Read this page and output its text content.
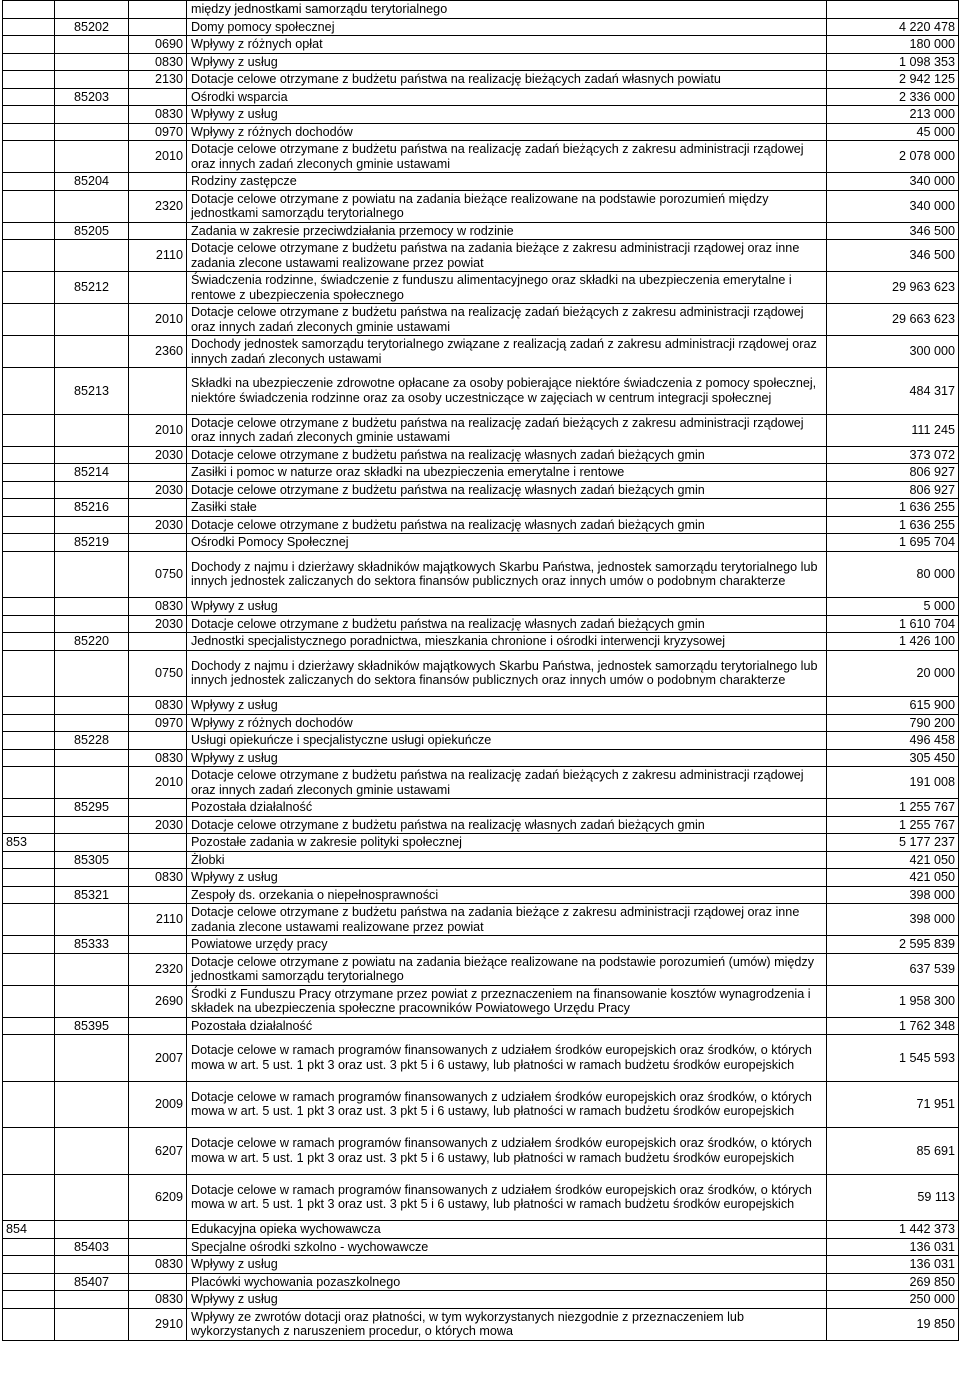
			między jednostkami samorządu terytorialnego	
	85202		Domy pomocy społecznej	4 220 478
		0690	Wpływy z różnych opłat	180 000
		0830	Wpływy z usług	1 098 353
		2130	Dotacje celowe otrzymane z budżetu państwa na realizację bieżących zadań własnych powiatu	2 942 125
	85203		Ośrodki wsparcia	2 336 000
		0830	Wpływy z usług	213 000
		0970	Wpływy z różnych dochodów	45 000
		2010	Dotacje celowe otrzymane z budżetu państwa na realizację zadań bieżących z zakresu administracji rządowej oraz innych zadań zleconych gminie ustawami	2 078 000
	85204		Rodziny zastępcze	340 000
		2320	Dotacje celowe otrzymane z powiatu na zadania bieżące realizowane na podstawie porozumień między jednostkami samorządu terytorialnego	340 000
	85205		Zadania w zakresie przeciwdziałania przemocy w rodzinie	346 500
		2110	Dotacje celowe otrzymane z budżetu państwa na zadania bieżące z zakresu administracji rządowej oraz inne zadania zlecone ustawami realizowane przez powiat	346 500
	85212		Świadczenia rodzinne, świadczenie z funduszu alimentacyjnego oraz składki na ubezpieczenia emerytalne i rentowe z ubezpieczenia społecznego	29 963 623
		2010	Dotacje celowe otrzymane z budżetu państwa na realizację zadań bieżących z zakresu administracji rządowej oraz innych zadań zleconych gminie ustawami	29 663 623
		2360	Dochody jednostek samorządu terytorialnego związane z realizacją zadań z zakresu administracji rządowej oraz innych zadań zleconych ustawami	300 000
	85213		Składki na ubezpieczenie zdrowotne opłacane za osoby pobierające niektóre świadczenia z pomocy społecznej, niektóre świadczenia rodzinne oraz za osoby uczestniczące w zajęciach w centrum integracji społecznej	484 317
		2010	Dotacje celowe otrzymane z budżetu państwa na realizację zadań bieżących z zakresu administracji rządowej oraz innych zadań zleconych gminie ustawami	111 245
		2030	Dotacje celowe otrzymane z budżetu państwa na realizację własnych zadań bieżących gmin	373 072
	85214		Zasiłki i pomoc w naturze oraz składki na ubezpieczenia emerytalne i rentowe	806 927
		2030	Dotacje celowe otrzymane z budżetu państwa na realizację własnych zadań bieżących gmin	806 927
	85216		Zasiłki stałe	1 636 255
		2030	Dotacje celowe otrzymane z budżetu państwa na realizację własnych zadań bieżących gmin	1 636 255
	85219		Ośrodki Pomocy Społecznej	1 695 704
		0750	Dochody z najmu i dzierżawy składników majątkowych Skarbu Państwa, jednostek samorządu terytorialnego lub innych jednostek zaliczanych do sektora finansów publicznych oraz innych umów o podobnym charakterze	80 000
		0830	Wpływy z usług	5 000
		2030	Dotacje celowe otrzymane z budżetu państwa na realizację własnych zadań bieżących gmin	1 610 704
	85220		Jednostki specjalistycznego poradnictwa, mieszkania chronione i ośrodki interwencji kryzysowej	1 426 100
		0750	Dochody z najmu i dzierżawy składników majątkowych Skarbu Państwa, jednostek samorządu terytorialnego lub innych jednostek zaliczanych do sektora finansów publicznych oraz innych umów o podobnym charakterze	20 000
		0830	Wpływy z usług	615 900
		0970	Wpływy z różnych dochodów	790 200
	85228		Usługi opiekuńcze i specjalistyczne usługi opiekuńcze	496 458
		0830	Wpływy z usług	305 450
		2010	Dotacje celowe otrzymane z budżetu państwa na realizację zadań bieżących z zakresu administracji rządowej oraz innych zadań zleconych gminie ustawami	191 008
	85295		Pozostała działalność	1 255 767
		2030	Dotacje celowe otrzymane z budżetu państwa na realizację własnych zadań bieżących gmin	1 255 767
853			Pozostałe zadania w zakresie polityki społecznej	5 177 237
	85305		Żłobki	421 050
		0830	Wpływy z usług	421 050
	85321		Zespoły ds. orzekania o niepełnosprawności	398 000
		2110	Dotacje celowe otrzymane z budżetu państwa na zadania bieżące z zakresu administracji rządowej oraz inne zadania zlecone ustawami realizowane przez powiat	398 000
	85333		Powiatowe urzędy pracy	2 595 839
		2320	Dotacje celowe otrzymane z powiatu na zadania bieżące realizowane na podstawie porozumień (umów) między jednostkami samorządu terytorialnego	637 539
		2690	Środki z Funduszu Pracy otrzymane przez powiat z przeznaczeniem na finansowanie kosztów wynagrodzenia i składek na ubezpieczenia społeczne pracowników Powiatowego Urzędu Pracy	1 958 300
	85395		Pozostała działalność	1 762 348
		2007	Dotacje celowe w ramach programów finansowanych z udziałem środków europejskich oraz środków, o których mowa w art. 5 ust. 1 pkt 3 oraz ust. 3 pkt 5 i 6 ustawy, lub płatności w ramach budżetu środków europejskich	1 545 593
		2009	Dotacje celowe w ramach programów finansowanych z udziałem środków europejskich oraz środków, o których mowa w art. 5 ust. 1 pkt 3 oraz ust. 3 pkt 5 i 6 ustawy, lub płatności w ramach budżetu środków europejskich	71 951
		6207	Dotacje celowe w ramach programów finansowanych z udziałem środków europejskich oraz środków, o których mowa w art. 5 ust. 1 pkt 3 oraz ust. 3 pkt 5 i 6 ustawy, lub płatności w ramach budżetu środków europejskich	85 691
		6209	Dotacje celowe w ramach programów finansowanych z udziałem środków europejskich oraz środków, o których mowa w art. 5 ust. 1 pkt 3 oraz ust. 3 pkt 5 i 6 ustawy, lub płatności w ramach budżetu środków europejskich	59 113
854			Edukacyjna opieka wychowawcza	1 442 373
	85403		Specjalne ośrodki szkolno - wychowawcze	136 031
		0830	Wpływy z usług	136 031
	85407		Placówki wychowania pozaszkolnego	269 850
		0830	Wpływy z usług	250 000
		2910	Wpływy ze zwrotów dotacji oraz płatności, w tym wykorzystanych niezgodnie z przeznaczeniem lub wykorzystanych z naruszeniem procedur, o których mowa	19 850
